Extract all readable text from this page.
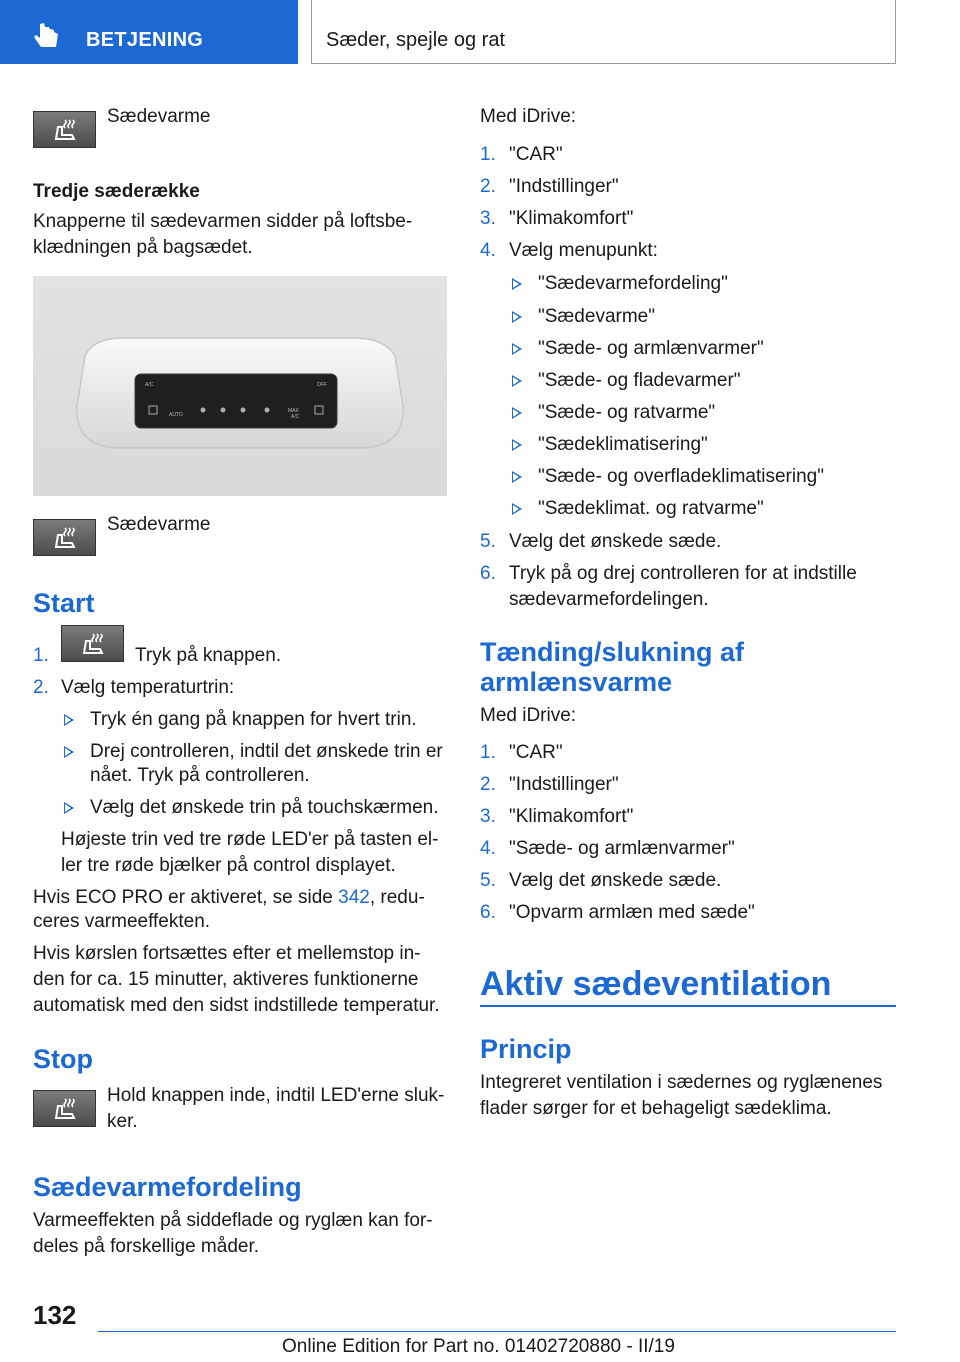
BETJENING	Sæder, spejle og rat
Sædevarme
Tredje sæderække
Knapperne til sædevarmen sidder på loftsbe-
klædningen på bagsædet.
A/C	OFF
AUTO
MAX
A/C
Sædevarme
Start
1.	Tryk på knappen.
2. Vælg temperaturtrin:
Tryk én gang på knappen for hvert trin.
Drej controlleren, indtil det ønskede trin er
nået. Tryk på controlleren.
Vælg det ønskede trin på touchskærmen.
Højeste trin ved tre røde LED'er på tasten el-
ler tre røde bjælker på control displayet.
Hvis ECO PRO er aktiveret, se side 342, redu-
ceres varmeeffekten.
Hvis kørslen fortsættes efter et mellemstop in-
den for ca. 15 minutter, aktiveres funktionerne
automatisk med den sidst indstillede temperatur.
Stop
Hold knappen inde, indtil LED'erne sluk-
ker.
Sædevarmefordeling
Varmeeffekten på siddeflade og ryglæn kan for-
deles på forskellige måder.
Med iDrive:
1. "CAR"
2. "Indstillinger"
3. "Klimakomfort"
4. Vælg menupunkt:
"Sædevarmefordeling"
"Sædevarme"
"Sæde- og armlænvarmer"
"Sæde- og fladevarmer"
"Sæde- og ratvarme"
"Sædeklimatisering"
"Sæde- og overfladeklimatisering"
"Sædeklimat. og ratvarme"
5. Vælg det ønskede sæde.
6. Tryk på og drej controlleren for at indstille
sædevarmefordelingen.
Tænding/slukning af
armlænsvarme
Med iDrive:
1. "CAR"
2. "Indstillinger"
3. "Klimakomfort"
4. "Sæde- og armlænvarmer"
5. Vælg det ønskede sæde.
6. "Opvarm armlæn med sæde"
Aktiv sædeventilation
Princip
Integreret ventilation i sædernes og ryglænenes
flader sørger for et behageligt sædeklima.
132
Online Edition for Part no. 01402720880 - II/19
